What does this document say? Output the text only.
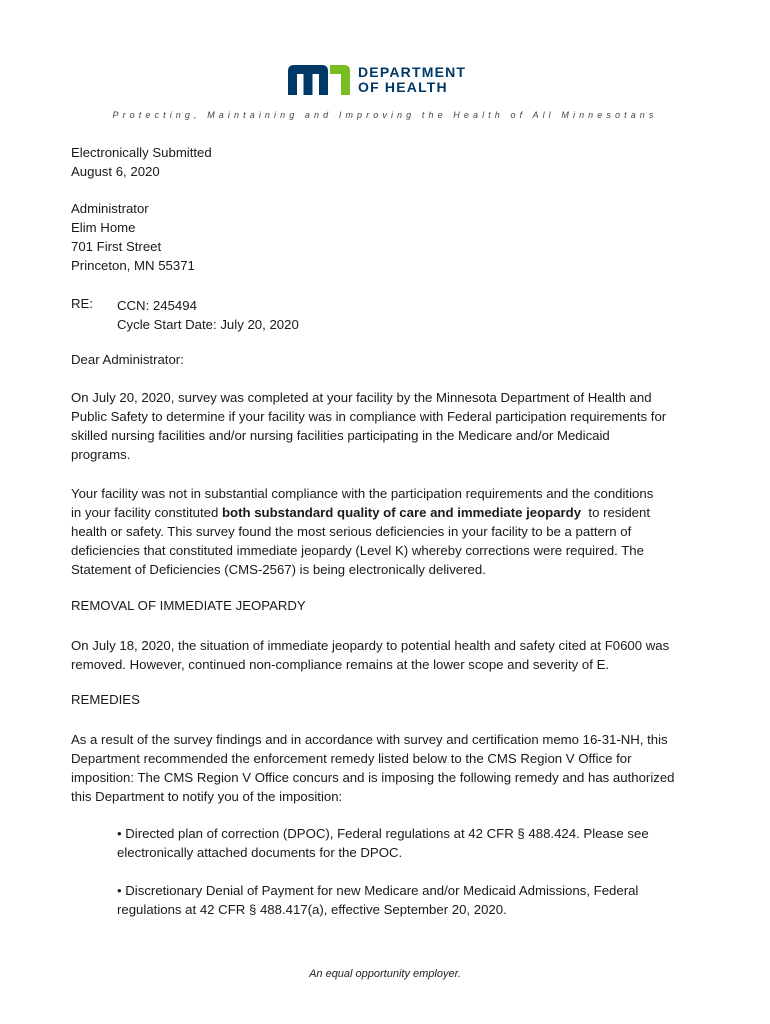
DEPARTMENT
OF HEALTH
Protecting, Maintaining and Improving the Health of All Minnesotans
Electronically Submitted
August 6, 2020
Administrator
Elim Home
701 First Street
Princeton, MN 55371
RE: CCN: 245494
Cycle Start Date: July 20, 2020
Dear Administrator:
On July 20, 2020, survey was completed at your facility by the Minnesota Department of Health and
Public Safety to determine if your facility was in compliance with Federal participation requirements for
skilled nursing facilities and/or nursing facilities participating in the Medicare and/or Medicaid
programs.
Your facility was not in substantial compliance with the participation requirements and the conditions
in your facility constituted both substandard quality of care and immediate jeopardy  to resident
health or safety. This survey found the most serious deficiencies in your facility to be a pattern of
deficiencies that constituted immediate jeopardy (Level K) whereby corrections were required. The
Statement of Deficiencies (CMS-2567) is being electronically delivered.
REMOVAL OF IMMEDIATE JEOPARDY
On July 18, 2020, the situation of immediate jeopardy to potential health and safety cited at F0600 was
removed. However, continued non-compliance remains at the lower scope and severity of E.
REMEDIES
As a result of the survey findings and in accordance with survey and certification memo 16-31-NH, this
Department recommended the enforcement remedy listed below to the CMS Region V Office for
imposition: The CMS Region V Office concurs and is imposing the following remedy and has authorized
this Department to notify you of the imposition:
• Directed plan of correction (DPOC), Federal regulations at 42 CFR § 488.424. Please see
electronically attached documents for the DPOC.
• Discretionary Denial of Payment for new Medicare and/or Medicaid Admissions, Federal
regulations at 42 CFR § 488.417(a), effective September 20, 2020.
An equal opportunity employer.
